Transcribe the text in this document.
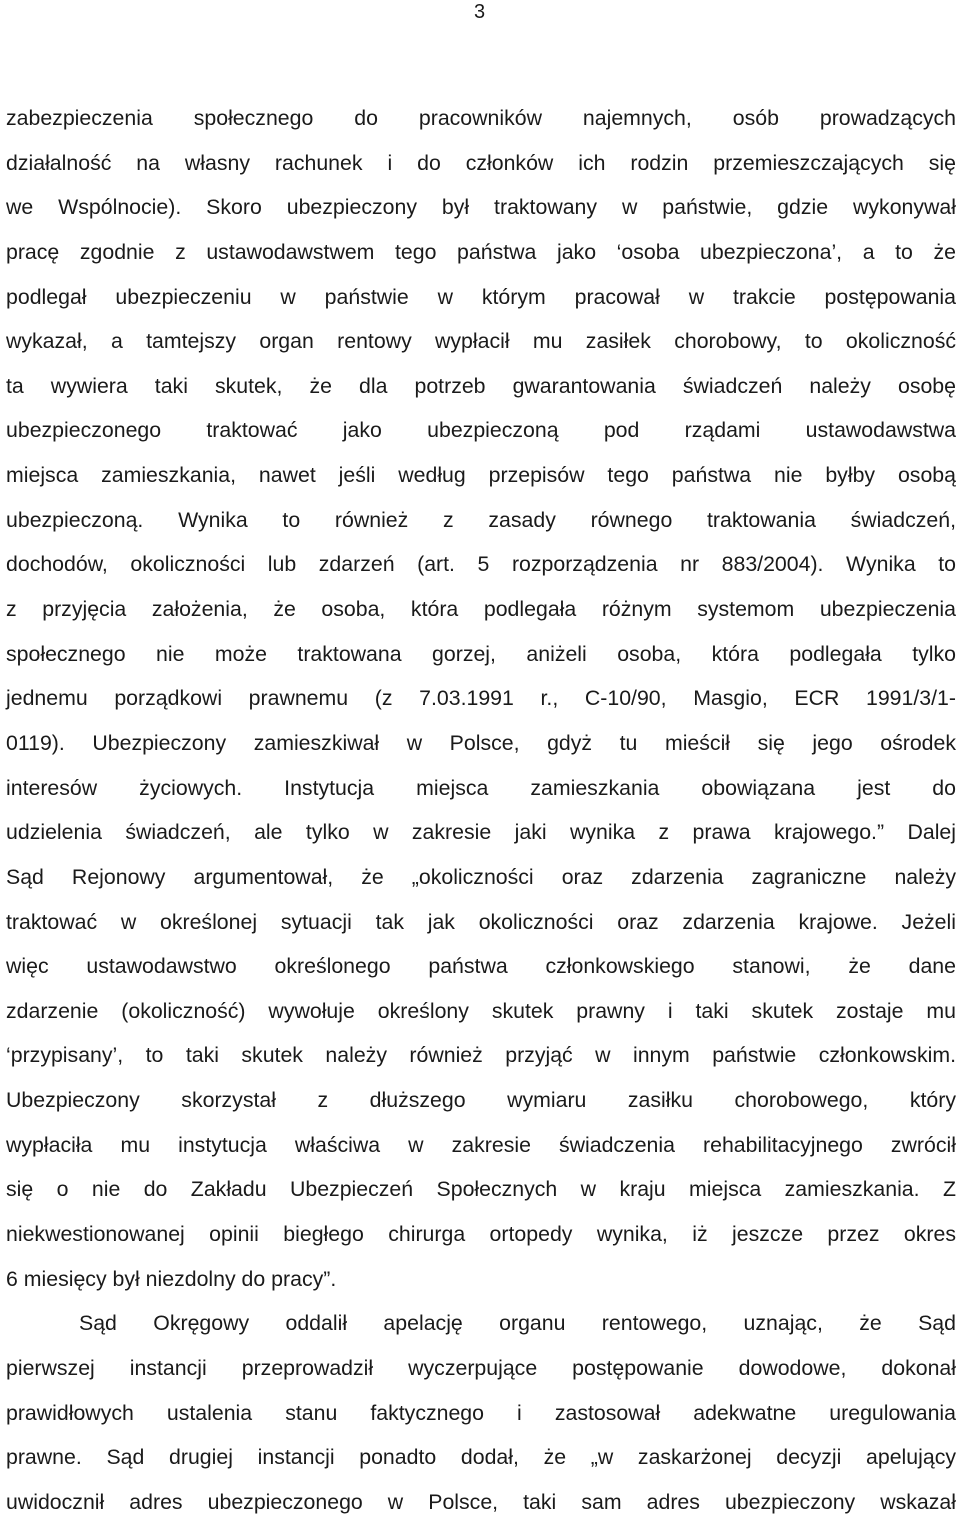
3
zabezpieczenia społecznego do pracowników najemnych, osób prowadzących
działalność na własny rachunek i do członków ich rodzin przemieszczających się
we Wspólnocie). Skoro ubezpieczony był traktowany w państwie, gdzie wykonywał
pracę zgodnie z ustawodawstwem tego państwa jako ‘osoba ubezpieczona’, a to że
podlegał ubezpieczeniu w państwie w którym pracował w trakcie postępowania
wykazał, a tamtejszy organ rentowy wypłacił mu zasiłek chorobowy, to okoliczność
ta wywiera taki skutek, że dla potrzeb gwarantowania świadczeń należy osobę
ubezpieczonego traktować jako ubezpieczoną pod rządami ustawodawstwa
miejsca zamieszkania, nawet jeśli według przepisów tego państwa nie byłby osobą
ubezpieczoną. Wynika to również z zasady równego traktowania świadczeń,
dochodów, okoliczności lub zdarzeń (art. 5 rozporządzenia nr 883/2004). Wynika to
z przyjęcia założenia, że osoba, która podlegała różnym systemom ubezpieczenia
społecznego nie może traktowana gorzej, aniżeli osoba, która podlegała tylko
jednemu porządkowi prawnemu (z 7.03.1991 r., C-10/90, Masgio, ECR 1991/3/1-
0119). Ubezpieczony zamieszkiwał w Polsce, gdyż tu mieścił się jego ośrodek
interesów życiowych. Instytucja miejsca zamieszkania obowiązana jest do
udzielenia świadczeń, ale tylko w zakresie jaki wynika z prawa krajowego.” Dalej
Sąd Rejonowy argumentował, że „okoliczności oraz zdarzenia zagraniczne należy
traktować w określonej sytuacji tak jak okoliczności oraz zdarzenia krajowe. Jeżeli
więc ustawodawstwo określonego państwa członkowskiego stanowi, że dane
zdarzenie (okoliczność) wywołuje określony skutek prawny i taki skutek zostaje mu
‘przypisany’, to taki skutek należy również przyjąć w innym państwie członkowskim.
Ubezpieczony skorzystał z dłuższego wymiaru zasiłku chorobowego, który
wypłaciła mu instytucja właściwa w zakresie świadczenia rehabilitacyjnego zwrócił
się o nie do Zakładu Ubezpieczeń Społecznych w kraju miejsca zamieszkania. Z
niekwestionowanej opinii biegłego chirurga ortopedy wynika, iż jeszcze przez okres
6 miesięcy był niezdolny do pracy”.
Sąd Okręgowy oddalił apelację organu rentowego, uznając, że Sąd
pierwszej instancji przeprowadził wyczerpujące postępowanie dowodowe, dokonał
prawidłowych ustalenia stanu faktycznego i zastosował adekwatne uregulowania
prawne. Sąd drugiej instancji ponadto dodał, że „w zaskarżonej decyzji apelujący
uwidocznił adres ubezpieczonego w Polsce, taki sam adres ubezpieczony wskazał
